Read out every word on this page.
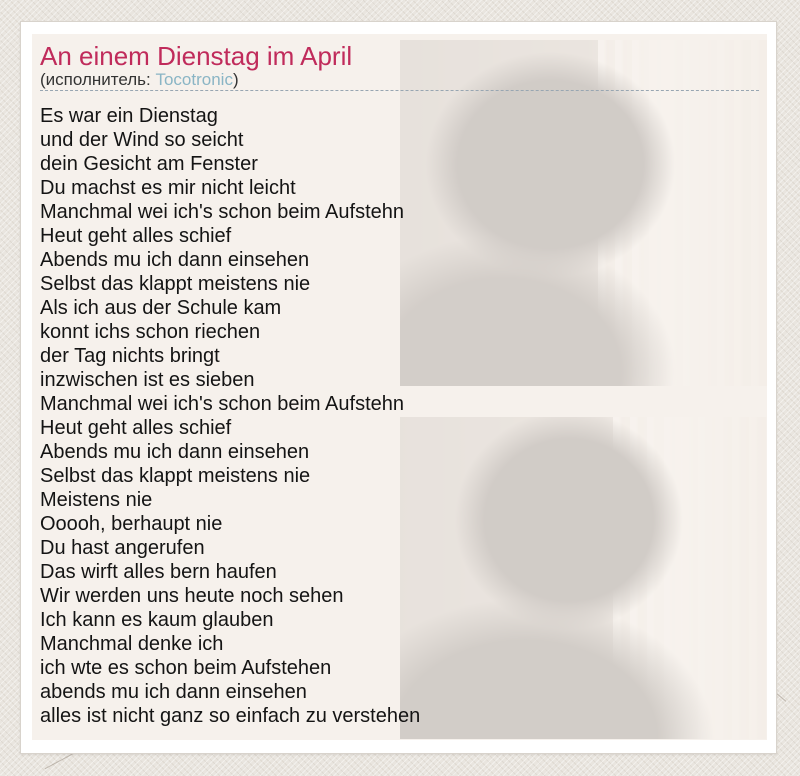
An einem Dienstag im April
(исполнитель: Tocotronic)
Es war ein Dienstag
und der Wind so seicht
dein Gesicht am Fenster
Du machst es mir nicht leicht
Manchmal wei ich's schon beim Aufstehn
Heut geht alles schief
Abends mu ich dann einsehen
Selbst das klappt meistens nie
Als ich aus der Schule kam
konnt ichs schon riechen
der Tag nichts bringt
inzwischen ist es sieben
Manchmal wei ich's schon beim Aufstehn
Heut geht alles schief
Abends mu ich dann einsehen
Selbst das klappt meistens nie
Meistens nie
Ooooh, berhaupt nie
Du hast angerufen
Das wirft alles bern haufen
Wir werden uns heute noch sehen
Ich kann es kaum glauben
Manchmal denke ich
ich wte es schon beim Aufstehen
abends mu ich dann einsehen
alles ist nicht ganz so einfach zu verstehen
